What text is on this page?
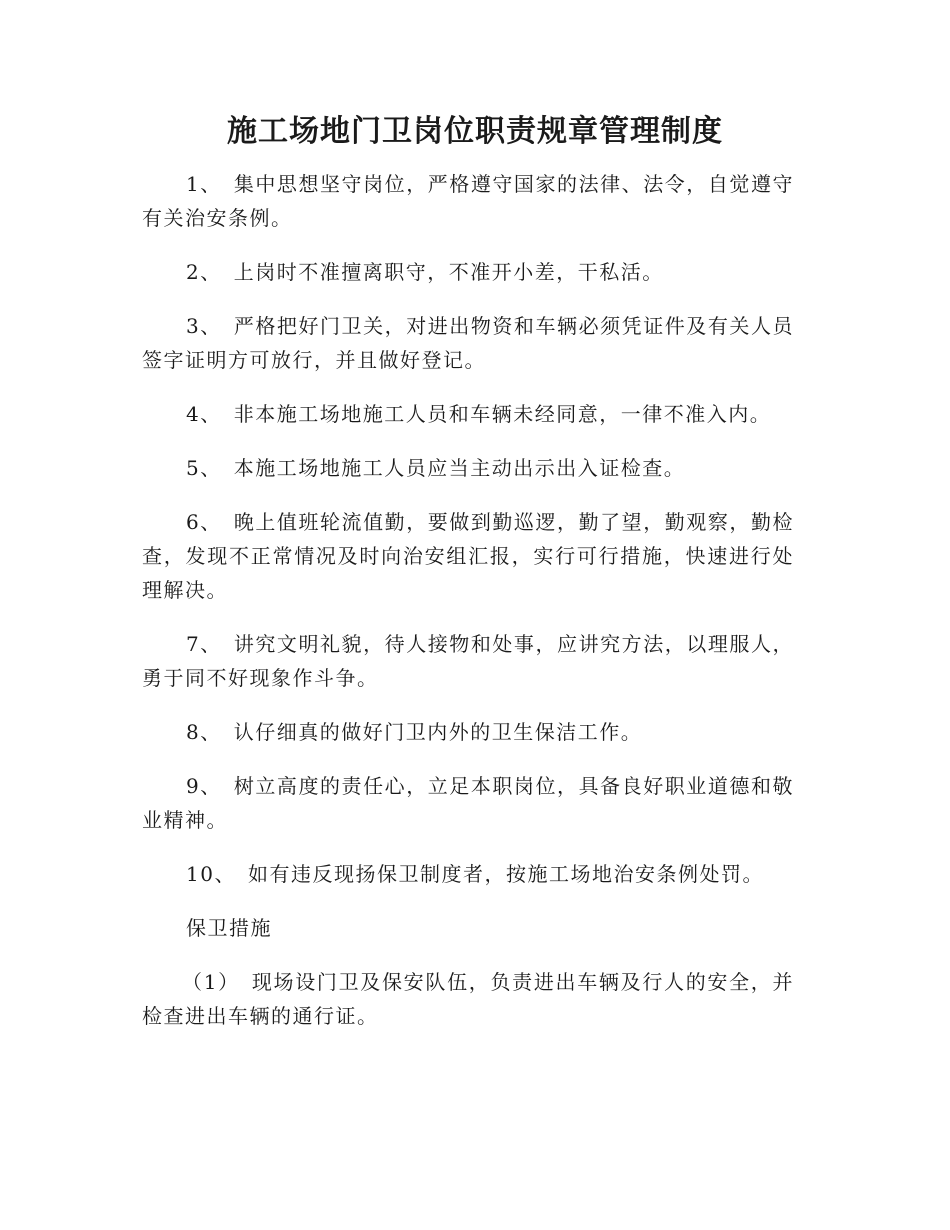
施工场地门卫岗位职责规章管理制度

1、 集中思想坚守岗位，严格遵守国家的法律、法令，自觉遵守有关治安条例。

2、 上岗时不准擅离职守，不准开小差，干私活。

3、 严格把好门卫关，对进出物资和车辆必须凭证件及有关人员签字证明方可放行，并且做好登记。

4、 非本施工场地施工人员和车辆未经同意，一律不准入内。

5、 本施工场地施工人员应当主动出示出入证检查。

6、 晚上值班轮流值勤，要做到勤巡逻，勤了望，勤观察，勤检查，发现不正常情况及时向治安组汇报，实行可行措施，快速进行处理解决。

7、 讲究文明礼貌，待人接物和处事，应讲究方法，以理服人，勇于同不好现象作斗争。

8、 认仔细真的做好门卫内外的卫生保洁工作。

9、 树立高度的责任心，立足本职岗位，具备良好职业道德和敬业精神。

10、 如有违反现扬保卫制度者，按施工场地治安条例处罚。

保卫措施

（1） 现场设门卫及保安队伍，负责进出车辆及行人的安全，并检查进出车辆的通行证。
